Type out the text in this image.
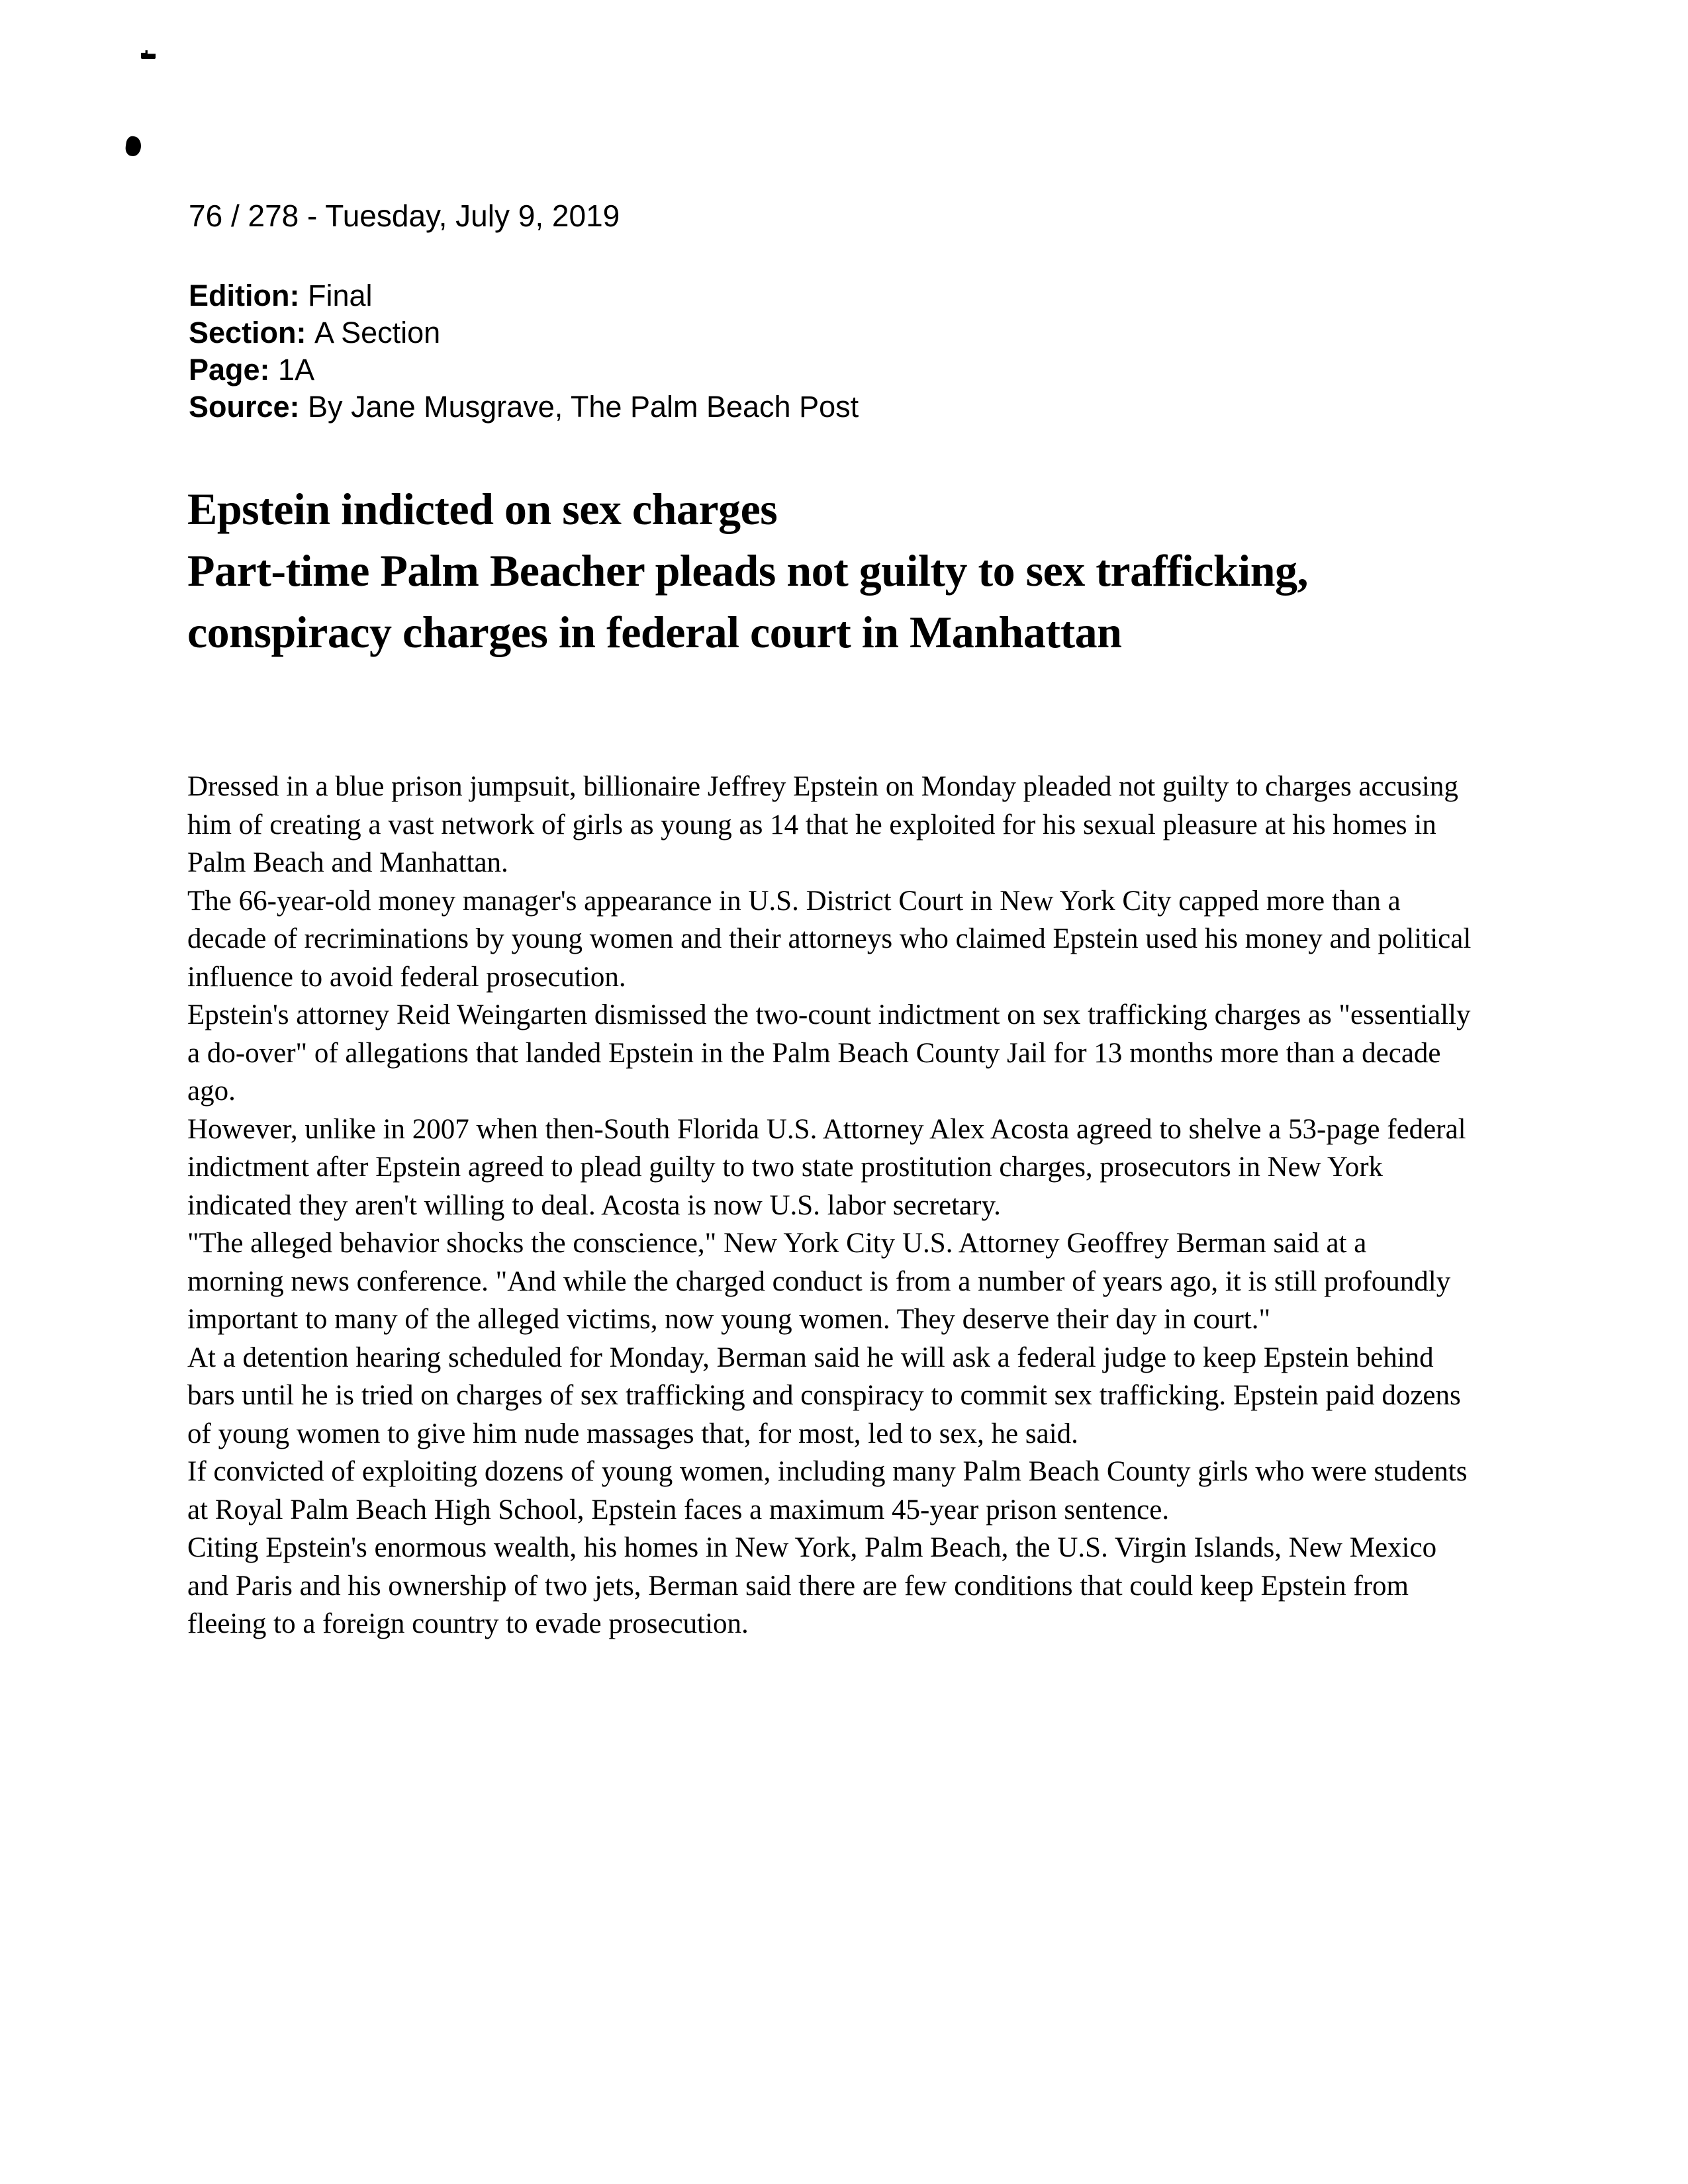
76 / 278 - Tuesday, July 9, 2019
Edition: Final
Section: A Section
Page: 1A
Source: By Jane Musgrave, The Palm Beach Post
Epstein indicted on sex charges
Part-time Palm Beacher pleads not guilty to sex trafficking, conspiracy charges in federal court in Manhattan

Dressed in a blue prison jumpsuit, billionaire Jeffrey Epstein on Monday pleaded not guilty to charges accusing him of creating a vast network of girls as young as 14 that he exploited for his sexual pleasure at his homes in Palm Beach and Manhattan.

The 66-year-old money manager's appearance in U.S. District Court in New York City capped more than a decade of recriminations by young women and their attorneys who claimed Epstein used his money and political influence to avoid federal prosecution.

Epstein's attorney Reid Weingarten dismissed the two-count indictment on sex trafficking charges as "essentially a do-over" of allegations that landed Epstein in the Palm Beach County Jail for 13 months more than a decade ago.

However, unlike in 2007 when then-South Florida U.S. Attorney Alex Acosta agreed to shelve a 53-page federal indictment after Epstein agreed to plead guilty to two state prostitution charges, prosecutors in New York indicated they aren't willing to deal. Acosta is now U.S. labor secretary.

"The alleged behavior shocks the conscience," New York City U.S. Attorney Geoffrey Berman said at a

morning news conference. "And while the charged conduct is from a number of years ago, it is still profoundly important to many of the alleged victims, now young women. They deserve their day in court."

At a detention hearing scheduled for Monday, Berman said he will ask a federal judge to keep Epstein behind bars until he is tried on charges of sex trafficking and conspiracy to commit sex trafficking. Epstein paid dozens of young women to give him nude massages that, for most, led to sex, he said.

If convicted of exploiting dozens of young women, including many Palm Beach County girls who were students at Royal Palm Beach High School, Epstein faces a maximum 45-year prison sentence.

Citing Epstein's enormous wealth, his homes in New York, Palm Beach, the U.S. Virgin Islands, New Mexico and Paris and his ownership of two jets, Berman said there are few conditions that could keep Epstein from fleeing to a foreign country to evade prosecution.
